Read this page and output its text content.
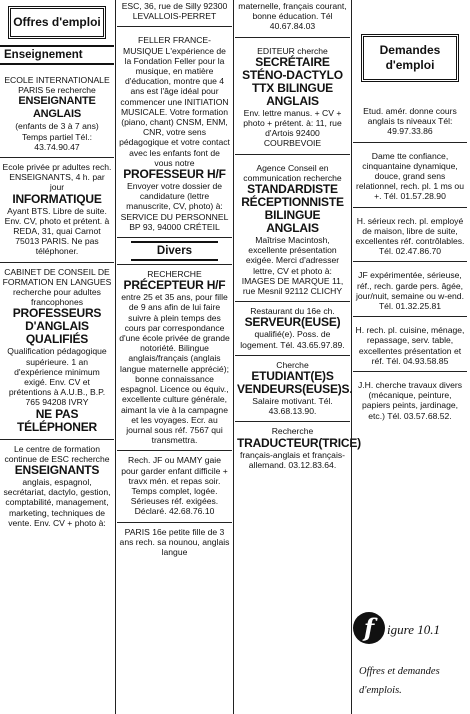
Offres d'emploi
Enseignement
ECOLE INTERNATIONALE PARIS 5e recherche
ENSEIGNANTE ANGLAIS
(enfants de 3 à 7 ans) Temps partiel Tél.: 43.74.90.47
Ecole privée pr adultes rech. ENSEIGNANTS, 4 h. par jour
INFORMATIQUE
Ayant BTS. Libre de suite. Env. CV, photo et prétent. à REDA, 31, quai Carnot 75013 PARIS. Ne pas téléphoner.
CABINET DE CONSEIL DE FORMATION EN LANGUES recherche pour adultes francophones
PROFESSEURS D'ANGLAIS QUALIFIÉS
Qualification pédagogique supérieure. 1 an d'expérience minimum exigé. Env. CV et prétentions à A.U.B., B.P. 765 94208 IVRY
NE PAS TÉLÉPHONER
Le centre de formation continue de ESC recherche
ENSEIGNANTS
anglais, espagnol, secrétariat, dactylo, gestion, comptabilité, management, marketing, techniques de vente. Env. CV + photo à:
ESC, 36, rue de Silly 92300 LEVALLOIS-PERRET
FELLER FRANCE-MUSIQUE L'expérience de la Fondation Feller pour la musique, en matière d'éducation, montre que 4 ans est l'âge idéal pour commencer une INITIATION MUSICALE. Votre formation (piano, chant) CNSM, ENM, CNR, votre sens pédagogique et votre contact avec les enfants font de vous notre
PROFESSEUR H/F
Envoyer votre dossier de candidature (lettre manuscrite, CV, photo) à: SERVICE DU PERSONNEL BP 93, 94000 CRÉTEIL
Divers
RECHERCHE
PRÉCEPTEUR H/F
entre 25 et 35 ans, pour fille de 9 ans afin de lui faire suivre à plein temps des cours par correspondance d'une école privée de grande notoriété. Bilingue anglais/français (anglais langue maternelle apprécié); bonne connaissance espagnol. Licence ou équiv., excellente culture générale, aimant la vie à la campagne et les voyages. Ecr. au journal sous réf. 7567 qui transmettra.
Rech. JF ou MAMY gaie pour garder enfant difficile + travx mén. et repas soir. Temps complet, logée. Sérieuses réf. exigées. Déclaré. 42.68.76.10
PARIS 16e petite fille de 3 ans rech. sa nounou, anglais langue
maternelle, français courant, bonne éducation. Tél 40.67.84.03
EDITEUR cherche
SECRÉTAIRE STÉNO-DACTYLO TTX BILINGUE ANGLAIS
Env. lettre manus. + CV + photo + prétent. à: 11, rue d'Artois 92400 COURBEVOIE
Agence Conseil en communication recherche
STANDARDISTE RÉCEPTIONNISTE BILINGUE ANGLAIS
Maîtrise Macintosh, excellente présentation exigée. Merci d'adresser lettre, CV et photo à: IMAGES DE MARQUE 11, rue Mesnil 92112 CLICHY
Restaurant du 16e ch.
SERVEUR(EUSE)
qualifié(e). Poss. de logement. Tél. 43.65.97.89.
Cherche
ETUDIANT(E)S VENDEURS(EUSE)S.
Salaire motivant. Tél. 43.68.13.90.
Recherche
TRADUCTEUR(TRICE)
français-anglais et français-allemand. 03.12.83.64.
Demandes d'emploi
Etud. amér. donne cours anglais ts niveaux Tél: 49.97.33.86
Dame tte confiance, cinquantaine dynamique, douce, grand sens relationnel, rech. pl. 1 ms ou +. Tél. 01.57.28.90
H. sérieux rech. pl. employé de maison, libre de suite, excellentes réf. contrôlables. Tél. 02.47.86.70
JF expérimentée, sérieuse, réf., rech. garde pers. âgée, jour/nuit, semaine ou w-end. Tél. 01.32.25.81
H. rech. pl. cuisine, ménage, repassage, serv. table, excellentes présentation et réf. Tél. 04.93.58.85
J.H. cherche travaux divers (mécanique, peinture, papiers peints, jardinage, etc.) Tél. 03.57.68.52.
f igure 10.1
Offres et demandes
d'emplois.
